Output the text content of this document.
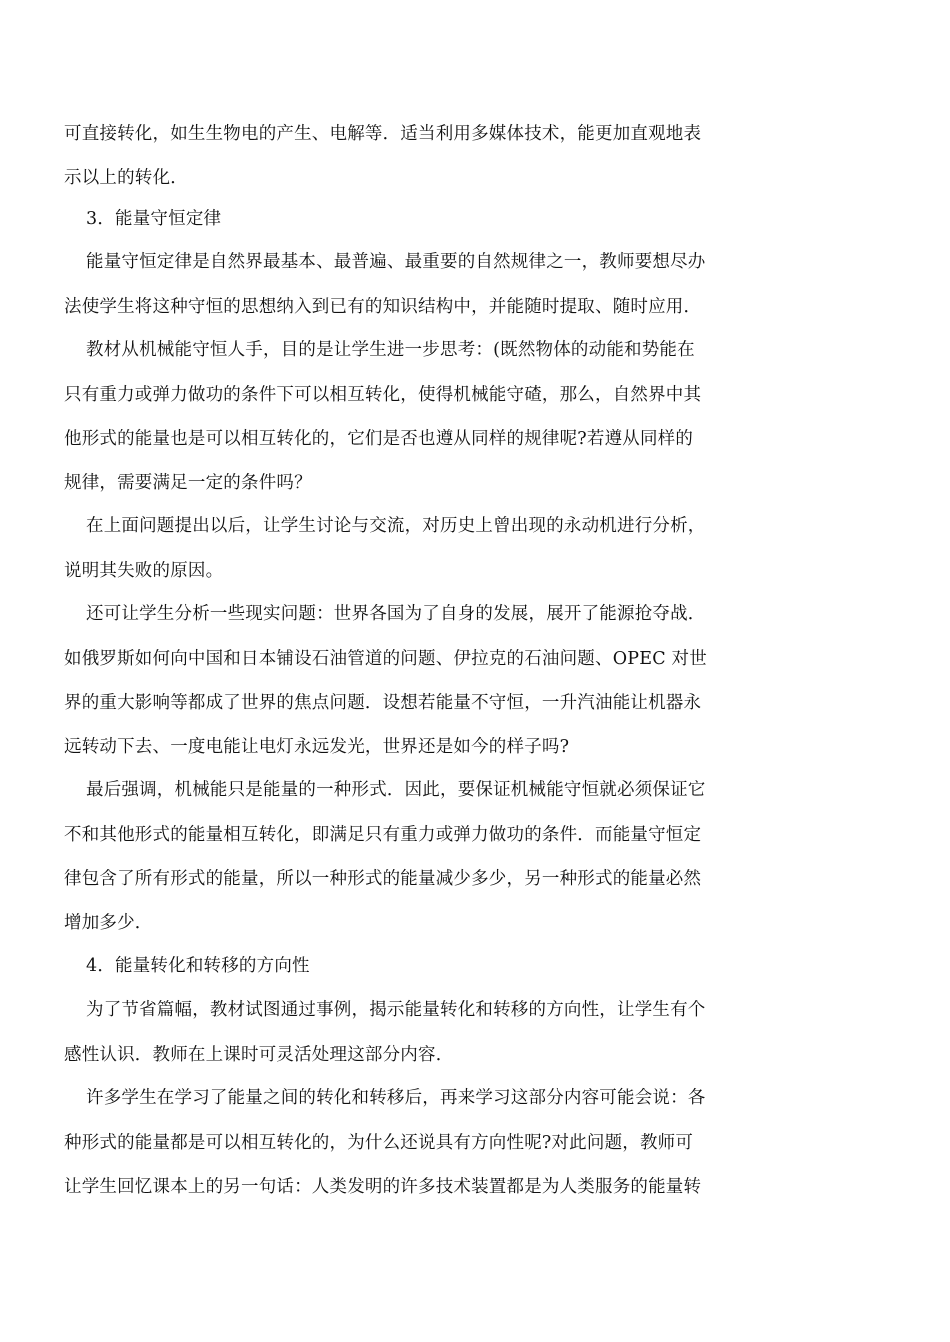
可直接转化，如生生物电的产生、电解等．适当利用多媒体技术，能更加直观地表
示以上的转化．
3．能量守恒定律
能量守恒定律是自然界最基本、最普遍、最重要的自然规律之一，教师要想尽办
法使学生将这种守恒的思想纳入到已有的知识结构中，并能随时提取、随时应用．
教材从机械能守恒人手，目的是让学生进一步思考：(既然物体的动能和势能在
只有重力或弹力做功的条件下可以相互转化，使得机械能守碴，那么，自然界中其
他形式的能量也是可以相互转化的，它们是否也遵从同样的规律呢?若遵从同样的
规律，需要满足一定的条件吗？
在上面问题提出以后，让学生讨论与交流，对历史上曾出现的永动机进行分析，
说明其失败的原因。
还可让学生分析一些现实问题：世界各国为了自身的发展，展开了能源抢夺战．
如俄罗斯如何向中国和日本铺设石油管道的问题、伊拉克的石油问题、OPEC 对世
界的重大影响等都成了世界的焦点问题．设想若能量不守恒，一升汽油能让机器永
远转动下去、一度电能让电灯永远发光，世界还是如今的样子吗?
最后强调，机械能只是能量的一种形式．因此，要保证机械能守恒就必须保证它
不和其他形式的能量相互转化，即满足只有重力或弹力做功的条件．而能量守恒定
律包含了所有形式的能量，所以一种形式的能量减少多少，另一种形式的能量必然
增加多少．
4．能量转化和转移的方向性
为了节省篇幅，教材试图通过事例，揭示能量转化和转移的方向性，让学生有个
感性认识．教师在上课时可灵活处理这部分内容．
许多学生在学习了能量之间的转化和转移后，再来学习这部分内容可能会说：各
种形式的能量都是可以相互转化的，为什么还说具有方向性呢?对此问题，教师可
让学生回忆课本上的另一句话：人类发明的许多技术装置都是为人类服务的能量转
